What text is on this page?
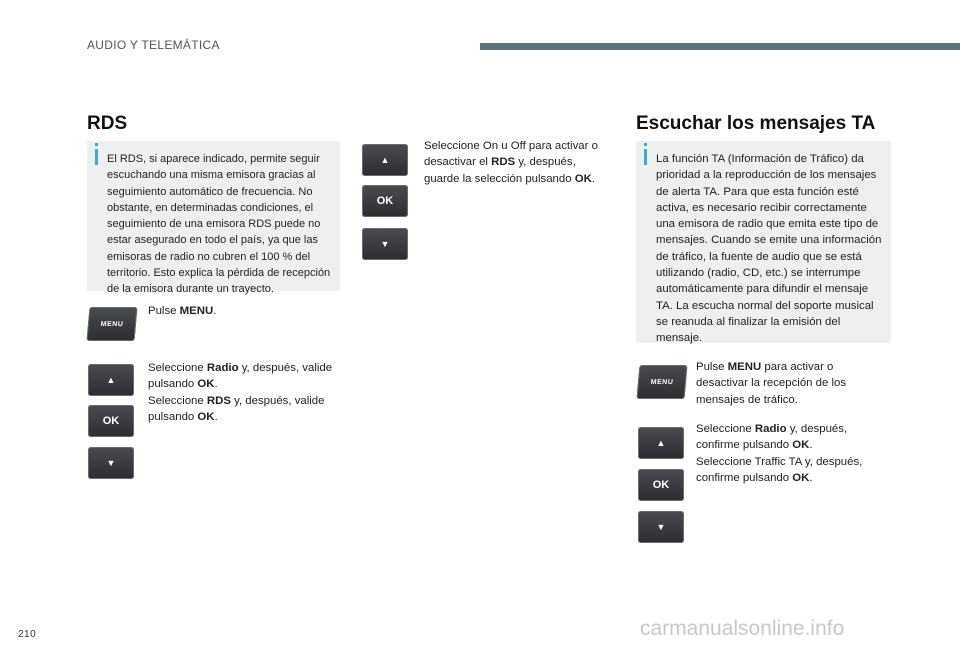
AUDIO Y TELEMÁTICA
RDS
El RDS, si aparece indicado, permite seguir escuchando una misma emisora gracias al seguimiento automático de frecuencia. No obstante, en determinadas condiciones, el seguimiento de una emisora RDS puede no estar asegurado en todo el país, ya que las emisoras de radio no cubren el 100 % del territorio. Esto explica la pérdida de recepción de la emisora durante un trayecto.
MENU
Pulse MENU.
▲
OK
▼
Seleccione Radio y, después, valide pulsando OK.
Seleccione RDS y, después, valide pulsando OK.
▲
OK
▼
Seleccione On u Off para activar o desactivar el RDS y, después, guarde la selección pulsando OK.
Escuchar los mensajes TA
La función TA (Información de Tráfico) da prioridad a la reproducción de los mensajes de alerta TA. Para que esta función esté activa, es necesario recibir correctamente una emisora de radio que emita este tipo de mensajes. Cuando se emite una información de tráfico, la fuente de audio que se está utilizando (radio, CD, etc.) se interrumpe automáticamente para difundir el mensaje TA. La escucha normal del soporte musical se reanuda al finalizar la emisión del mensaje.
MENU
Pulse MENU para activar o desactivar la recepción de los mensajes de tráfico.
▲
OK
▼
Seleccione Radio y, después, confirme pulsando OK.
Seleccione Traffic TA y, después, confirme pulsando OK.
210	carmanualsonline.info
